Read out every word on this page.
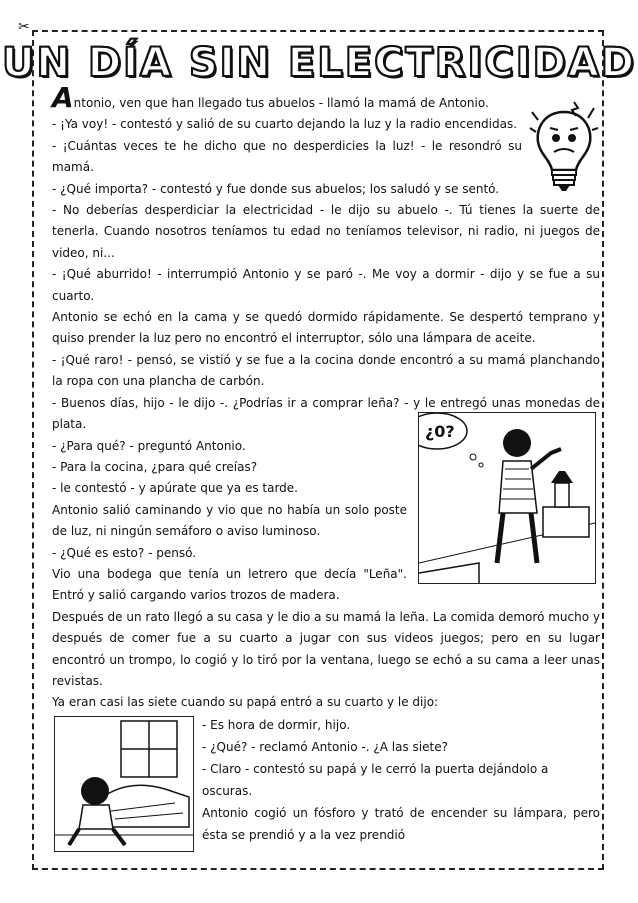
✂
UN DÍA SIN ELECTRICIDAD

Antonio, ven que han llegado tus abuelos - llamó la mamá de Antonio.

- ¡Ya voy! - contestó y salió de su cuarto dejando la luz y la radio encendidas.

- ¡Cuántas veces te he dicho que no desperdicies la luz! - le resondró su mamá.

- ¿Qué importa? - contestó y fue donde sus abuelos; los saludó y se sentó.

- No deberías desperdiciar la electricidad - le dijo su abuelo -. Tú tienes la suerte de tenerla. Cuando nosotros teníamos tu edad no teníamos televisor, ni radio, ni juegos de video, ni...

- ¡Qué aburrido! - interrumpió Antonio y se paró -. Me voy a dormir - dijo y se fue a su cuarto.

Antonio se echó en la cama y se quedó dormido rápidamente. Se despertó temprano y quiso prender la luz pero no encontró el interruptor, sólo una lámpara de aceite.

- ¡Qué raro! - pensó, se vistió y se fue a la cocina donde encontró a su mamá planchando la ropa con una plancha de carbón.

- Buenos días, hijo - le dijo -. ¿Podrías ir a comprar leña? - y le entregó unas monedas de plata.

- ¿Para qué? - preguntó Antonio.

- Para la cocina, ¿para qué creías?

- le contestó - y apúrate que ya es tarde.

Antonio salió caminando y vio que no había un solo poste de luz, ni ningún semáforo o aviso luminoso.

- ¿Qué es esto? - pensó.

Vio una bodega que tenía un letrero que decía "Leña". Entró y salió cargando varios trozos de madera.

Después de un rato llegó a su casa y le dio a su mamá la leña. La comida demoró mucho y después de comer fue a su cuarto a jugar con sus videos juegos; pero en su lugar encontró un trompo, lo cogió y lo tiró por la ventana, luego se echó a su cama a leer unas revistas.

Ya eran casi las siete cuando su papá entró a su cuarto y le dijo:

¿0?

- Es hora de dormir, hijo.

- ¿Qué? - reclamó Antonio -. ¿A las siete?

- Claro - contestó su papá y le cerró la puerta dejándolo a oscuras.

Antonio cogió un fósforo y trató de encender su lámpara, pero ésta se prendió y a la vez prendió
